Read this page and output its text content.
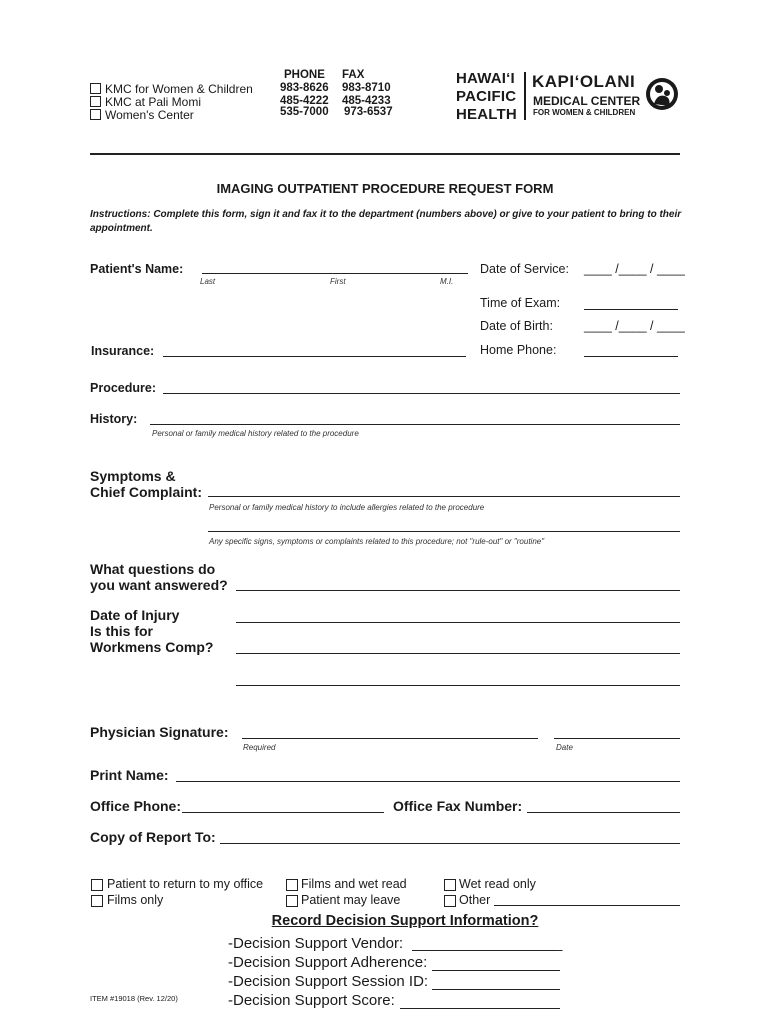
KMC for Women & Children
KMC at Pali Momi
Women's Center
PHONE FAX
983-8626 983-8710
485-4222 485-4233
535-7000 973-6537
HAWAI‘I
PACIFIC
HEALTH
KAPI‘OLANI
MEDICAL CENTER
FOR WOMEN & CHILDREN
IMAGING OUTPATIENT PROCEDURE REQUEST FORM
Instructions: Complete this form, sign it and fax it to the department (numbers above) or give to your patient to bring to their appointment.
Patient's Name:
Last	First	M.I.
Date of Service: ____ /____ / ____
Time of Exam:
Date of Birth: ____ /____ / ____
Home Phone:
Insurance:
Procedure:
History:
Personal or family medical history related to the procedure
Symptoms &
Chief Complaint:
Personal or family medical history to include allergies related to the procedure
Any specific signs, symptoms or complaints related to this procedure; not "rule-out" or "routine"
What questions do
you want answered?
Date of Injury
Is this for
Workmens Comp?
Physician Signature:
Required	Date
Print Name:
Office Phone:	Office Fax Number:
Copy of Report To:
Patient to return to my office
Films only
Films and wet read
Patient may leave
Wet read only
Other
Record Decision Support Information?
-Decision Support Vendor:	_
-Decision Support Adherence:
-Decision Support Session ID:
-Decision Support Score:
ITEM #19018 (Rev. 12/20)
